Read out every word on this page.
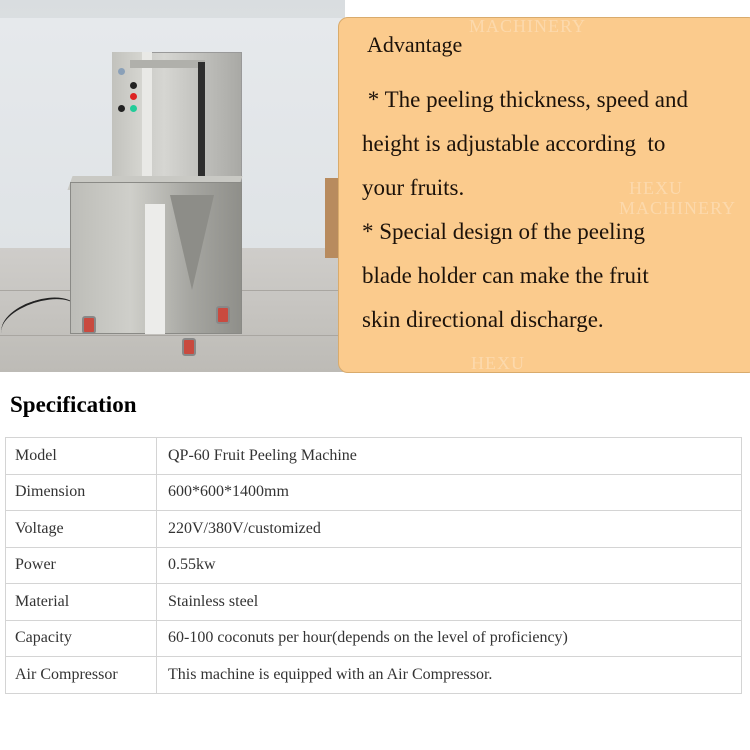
MACHINERY
HEXU
MACHINERY
HEXU
Advantage

* The peeling thickness, speed and

height is adjustable according  to

your fruits.

* Special design of the peeling

blade holder can make the fruit

skin directional discharge.

Specification
Model	QP-60 Fruit Peeling Machine
Dimension	600*600*1400mm
Voltage	220V/380V/customized
Power	0.55kw
Material	Stainless steel
Capacity	60-100 coconuts per hour(depends on the level of proficiency)
Air Compressor	This machine is equipped with an Air Compressor.
